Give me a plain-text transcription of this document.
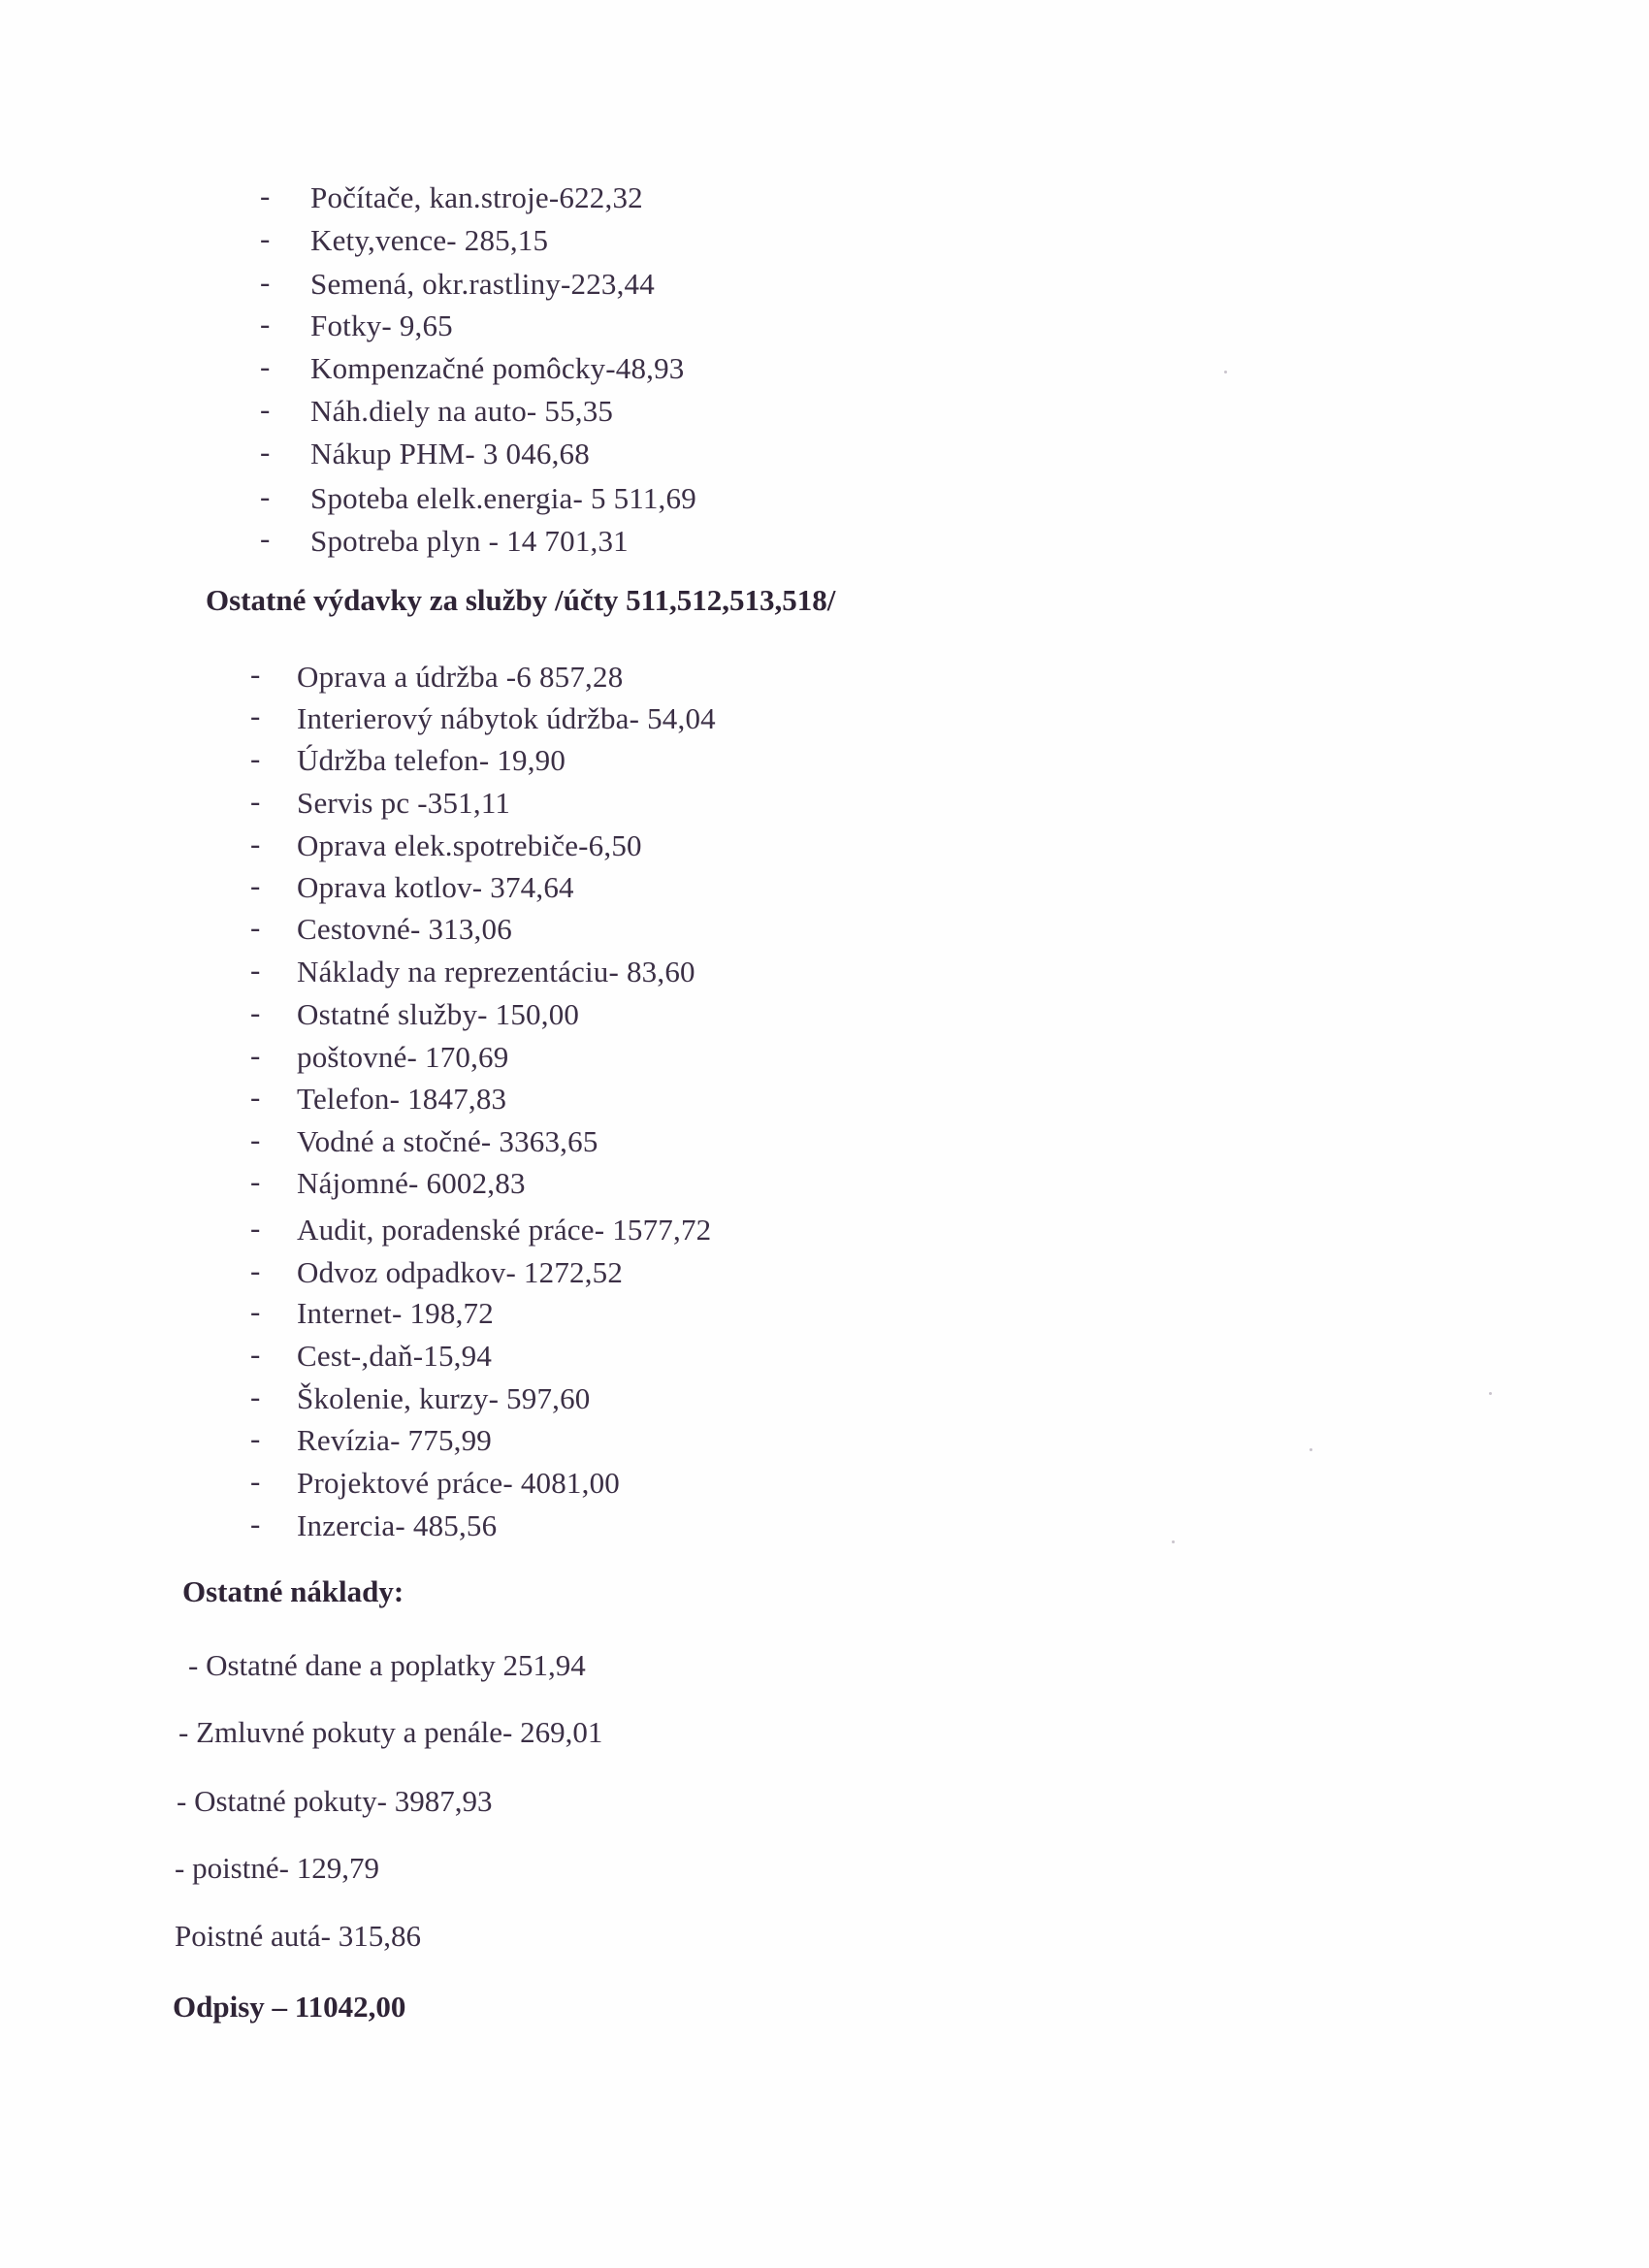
- Počítače, kan.stroje-622,32
- Kety,vence- 285,15
- Semená, okr.rastliny-223,44
- Fotky- 9,65
- Kompenzačné pomôcky-48,93
- Náh.diely na auto- 55,35
- Nákup PHM- 3 046,68
- Spoteba elelk.energia- 5 511,69
- Spotreba plyn - 14 701,31
Ostatné výdavky za služby /účty 511,512,513,518/
- Oprava a údržba -6 857,28
- Interierový nábytok údržba- 54,04
- Údržba telefon- 19,90
- Servis pc -351,11
- Oprava elek.spotrebiče-6,50
- Oprava kotlov- 374,64
- Cestovné- 313,06
- Náklady na reprezentáciu- 83,60
- Ostatné služby- 150,00
- poštovné- 170,69
- Telefon- 1847,83
- Vodné a stočné- 3363,65
- Nájomné- 6002,83
- Audit, poradenské práce- 1577,72
- Odvoz odpadkov- 1272,52
- Internet- 198,72
- Cest-,daň-15,94
- Školenie, kurzy- 597,60
- Revízia- 775,99
- Projektové práce- 4081,00
- Inzercia- 485,56
Ostatné náklady:
- Ostatné dane a poplatky 251,94
- Zmluvné pokuty a penále- 269,01
- Ostatné pokuty- 3987,93
- poistné- 129,79
Poistné autá- 315,86
Odpisy – 11042,00
